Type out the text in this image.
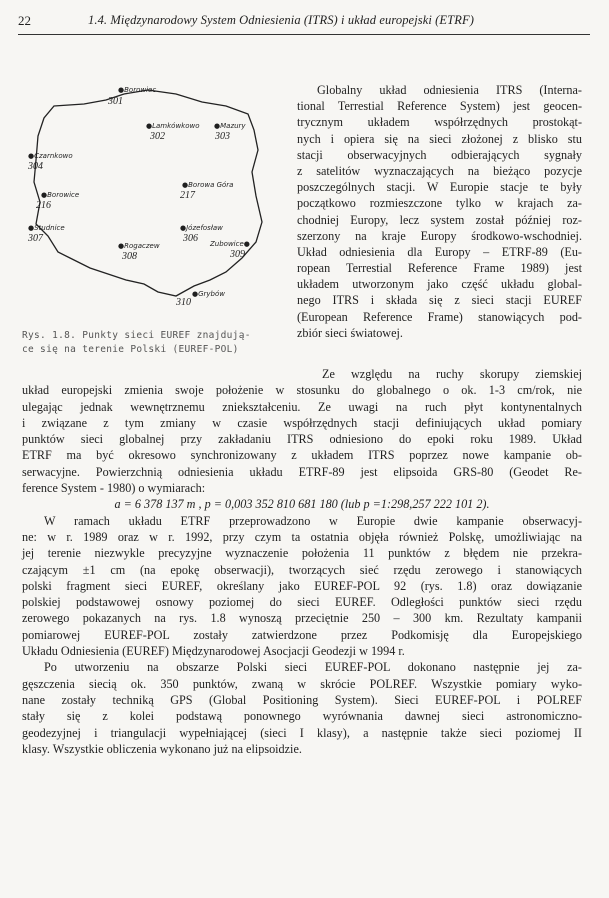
22	1.4. Międzynarodowy System Odniesienia (ITRS) i układ europejski (ETRF)
●Borowiec
301
●Lamkówkowo
302
●Mazury
303
●Czarnkowo
304
●Borowice
216
●Borowa Góra
217
●Józefosław
306
●Studnice
307
●Rogaczew
308
Zubowice●
309
●Grybów
310
Rys. 1.8. Punkty sieci EUREF znajdują-
ce się na terenie Polski (EUREF-POL)
Globalny układ odniesienia ITRS (Interna-
tional Terrestial Reference System) jest geocen-
trycznym układem współrzędnych prostokąt-
nych i opiera się na sieci złożonej z blisko stu
stacji obserwacyjnych odbierających sygnały
z satelitów wyznaczających na bieżąco pozycje
poszczególnych stacji. W Europie stacje te były
początkowo rozmieszczone tylko w krajach za-
chodniej Europy, lecz system został później roz-
szerzony na kraje Europy środkowo-wschodniej.
Układ odniesienia dla Europy – ETRF-89 (Eu-
ropean Terrestial Reference Frame 1989) jest
układem utworzonym jako część układu global-
nego ITRS i składa się z sieci stacji EUREF
(European Reference Frame) stanowiących pod-
zbiór sieci światowej.
Ze względu na ruchy skorupy ziemskiej
układ europejski zmienia swoje położenie w stosunku do globalnego o ok. 1-3 cm/rok, nie
ulegając jednak wewnętrznemu zniekształceniu. Ze uwagi na ruch płyt kontynentalnych
i związane z tym zmiany w czasie współrzędnych stacji definiujących układ pomiary
punktów sieci globalnej przy zakładaniu ITRS odniesiono do epoki roku 1989. Układ
ETRF ma być okresowo synchronizowany z układem ITRS poprzez nowe kampanie ob-
serwacyjne. Powierzchnią odniesienia układu ETRF-89 jest elipsoida GRS-80 (Geodet Re-
ference System - 1980) o wymiarach:
a = 6 378 137 m , p = 0,003 352 810 681 180 (lub p =1:298,257 222 101 2).
W ramach układu ETRF przeprowadzono w Europie dwie kampanie obserwacyj-
ne: w r. 1989 oraz w r. 1992, przy czym ta ostatnia objęła również Polskę, umożliwiając na
jej terenie niezwykle precyzyjne wyznaczenie położenia 11 punktów z błędem nie przekra-
czającym ±1 cm (na epokę obserwacji), tworzących sieć rzędu zerowego i stanowiących
polski fragment sieci EUREF, określany jako EUREF-POL 92 (rys. 1.8) oraz dowiązanie
polskiej podstawowej osnowy poziomej do sieci EUREF. Odległości punktów sieci rzędu
zerowego pokazanych na rys. 1.8 wynoszą przeciętnie 250 – 300 km. Rezultaty kampanii
pomiarowej EUREF-POL zostały zatwierdzone przez Podkomisję dla Europejskiego
Układu Odniesienia (EUREF) Międzynarodowej Asocjacji Geodezji w 1994 r.
Po utworzeniu na obszarze Polski sieci EUREF-POL dokonano następnie jej za-
gęszczenia siecią ok. 350 punktów, zwaną w skrócie POLREF. Wszystkie pomiary wyko-
nane zostały techniką GPS (Global Positioning System). Sieci EUREF-POL i POLREF
stały się z kolei podstawą ponownego wyrównania dawnej sieci astronomiczno-
geodezyjnej i triangulacji wypełniającej (sieci I klasy), a następnie także sieci poziomej II
klasy. Wszystkie obliczenia wykonano już na elipsoidzie.
